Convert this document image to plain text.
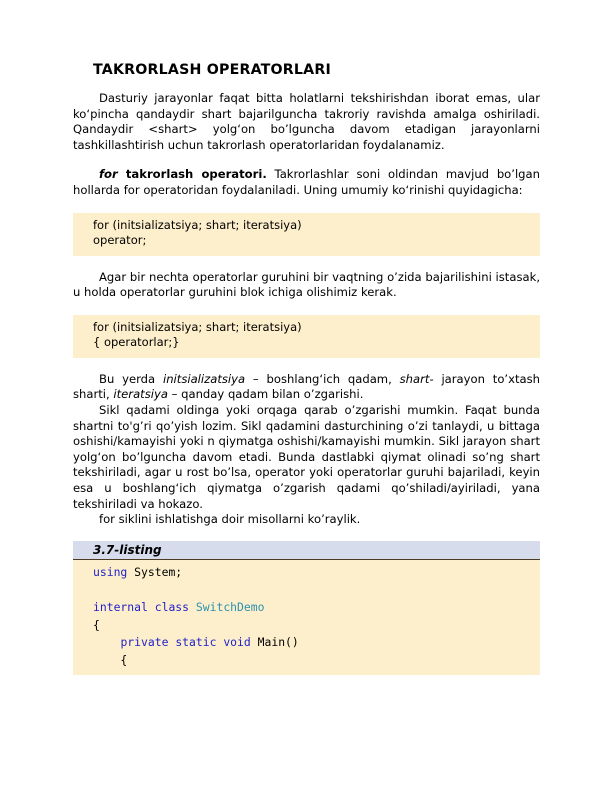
TAKRORLASH OPERATORLARI

Dasturiy jarayonlar faqat bitta holatlarni tekshirishdan iborat emas, ular ko‘pincha qandaydir shart bajarilguncha takroriy ravishda amalga oshiriladi. Qandaydir <shart> yolg‘on bo’lguncha davom etadigan jarayonlarni tashkillashtirish uchun takrorlash operatorlaridan foydalanamiz.

for takrorlash operatori. Takrorlashlar soni oldindan mavjud bo’lgan hollarda for operatoridan foydalaniladi. Uning umumiy ko‘rinishi quyidagicha:

for (initsializatsiya; shart; iteratsiya)
operator;

Agar bir nechta operatorlar guruhini bir vaqtning o’zida bajarilishini istasak, u holda operatorlar guruhini blok ichiga olishimiz kerak.

for (initsializatsiya; shart; iteratsiya)
{ operatorlar;}

Bu yerda initsializatsiya – boshlang‘ich qadam, shart- jarayon to’xtash sharti, iteratsiya – qanday qadam bilan o’zgarishi.

Sikl qadami oldinga yoki orqaga qarab o’zgarishi mumkin. Faqat bunda shartni to'g’ri qo’yish lozim. Sikl qadamini dasturchining o’zi tanlaydi, u bittaga oshishi/kamayishi yoki n qiymatga oshishi/kamayishi mumkin. Sikl jarayon shart yolg‘on bo’lguncha davom etadi. Bunda dastlabki qiymat olinadi so’ng shart tekshiriladi, agar u rost bo’lsa, operator yoki operatorlar guruhi bajariladi, keyin esa u boshlang‘ich qiymatga o’zgarish qadami qo’shiladi/ayiriladi, yana tekshiriladi va hokazo.

for siklini ishlatishga doir misollarni ko’raylik.

3.7-listing
using System;

internal class SwitchDemo
{
private static void Main()
{
